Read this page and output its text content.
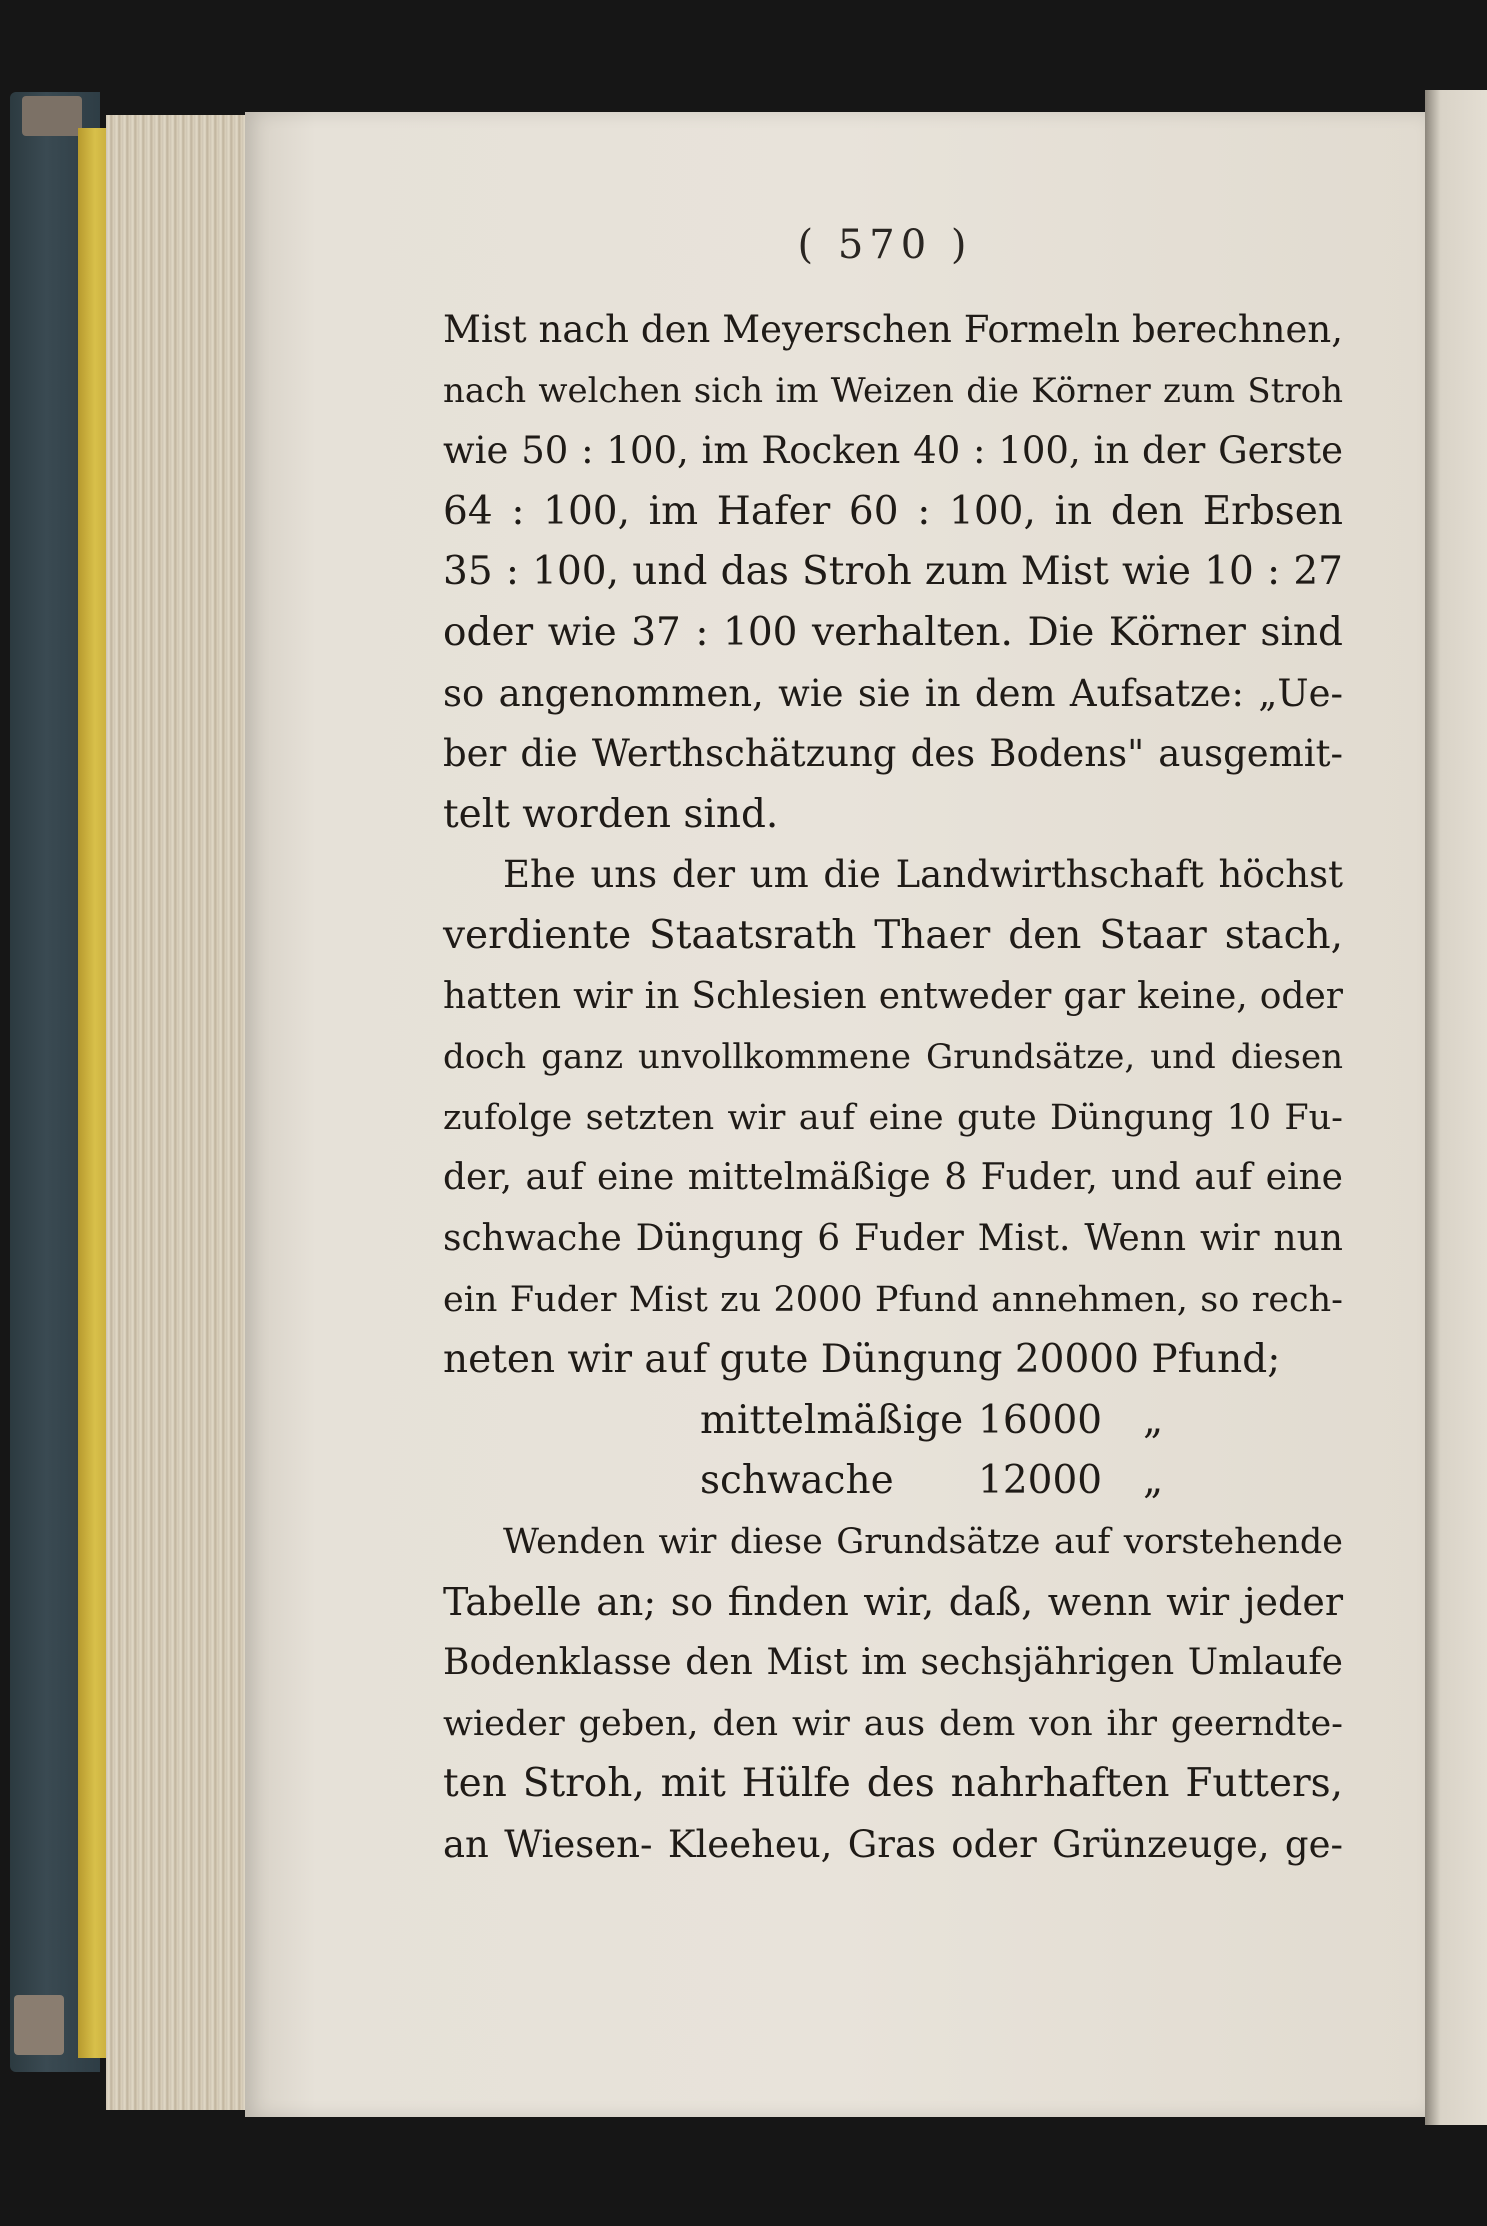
( 570 )
Mist nach den Meyerschen Formeln berechnen,
nach welchen sich im Weizen die Körner zum Stroh
wie 50 : 100, im Rocken 40 : 100, in der Gerste
64 : 100, im Hafer 60 : 100, in den Erbsen
35 : 100, und das Stroh zum Mist wie 10 : 27
oder wie 37 : 100 verhalten. Die Körner sind
so angenommen, wie sie in dem Aufsatze: „Ue-
ber die Werthschätzung des Bodens" ausgemit-
telt worden sind.
Ehe uns der um die Landwirthschaft höchst
verdiente Staatsrath Thaer den Staar stach,
hatten wir in Schlesien entweder gar keine, oder
doch ganz unvollkommene Grundsätze, und diesen
zufolge setzten wir auf eine gute Düngung 10 Fu-
der, auf eine mittelmäßige 8 Fuder, und auf eine
schwache Düngung 6 Fuder Mist. Wenn wir nun
ein Fuder Mist zu 2000 Pfund annehmen, so rech-
neten wir auf gute Düngung 20000 Pfund;
mittelmäßige 16000 „
schwache 12000 „
Wenden wir diese Grundsätze auf vorstehende
Tabelle an; so finden wir, daß, wenn wir jeder
Bodenklasse den Mist im sechsjährigen Umlaufe
wieder geben, den wir aus dem von ihr geerndte-
ten Stroh, mit Hülfe des nahrhaften Futters,
an Wiesen- Kleeheu, Gras oder Grünzeuge, ge-
